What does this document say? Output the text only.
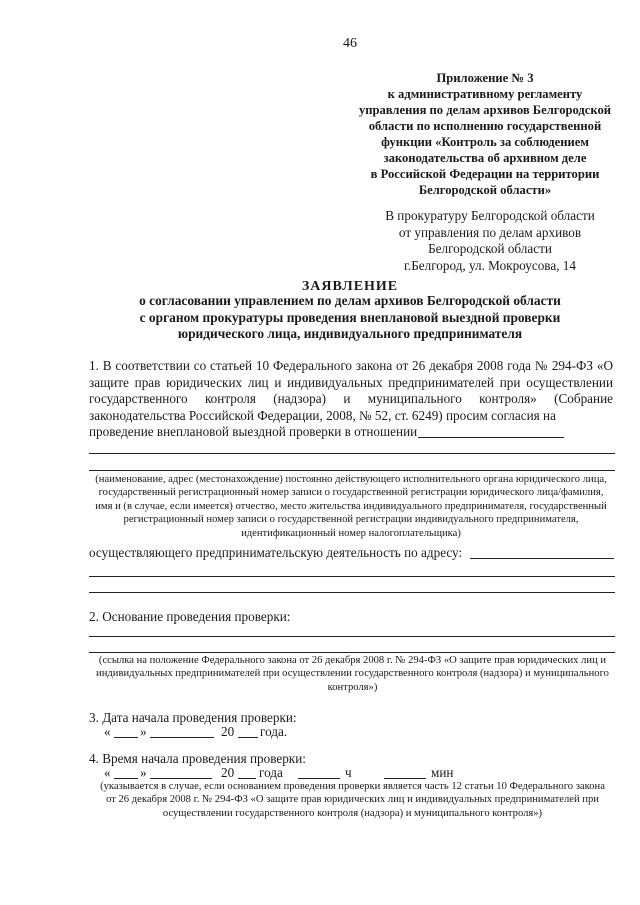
46
Приложение № 3
к административному регламенту
управления по делам архивов Белгородской
области по исполнению государственной
функции «Контроль за соблюдением
законодательства об архивном деле
в Российской Федерации на территории
Белгородской области»
В прокуратуру Белгородской области
от управления по делам архивов
Белгородской области
г.Белгород, ул. Мокроусова, 14
ЗАЯВЛЕНИЕ
о согласовании управлением по делам архивов Белгородской области
с органом прокуратуры проведения внеплановой выездной проверки
юридического лица, индивидуального предпринимателя
1. В соответствии со статьей 10 Федерального закона от 26 декабря 2008 года № 294-ФЗ «О защите прав юридических лиц и индивидуальных предпринимателей при осуществлении государственного контроля (надзора) и муниципального контроля» (Собрание законодательства Российской Федерации, 2008, № 52, ст. 6249) просим согласия на
проведение внеплановой выездной проверки в отношении
(наименование, адрес (местонахождение) постоянно действующего исполнительного органа юридического лица, государственный регистрационный номер записи о государственной регистрации юридического лица/фамилия, имя и (в случае, если имеется) отчество, место жительства индивидуального предпринимателя, государственный регистрационный номер записи о государственной регистрации индивидуального предпринимателя, идентификационный номер налогоплательщика)
осуществляющего предпринимательскую деятельность по адресу:
2. Основание проведения проверки:
(ссылка на положение Федерального закона от 26 декабря 2008 г. № 294-ФЗ «О защите прав юридических лиц и индивидуальных предпринимателей при осуществлении государственного контроля (надзора) и муниципального контроля»)
3. Дата начала проведения проверки:
« »	20 года.
4. Время начала проведения проверки:
« »	20 года	ч	мин
(указывается в случае, если основанием проведения проверки является часть 12 статьи 10 Федерального закона от 26 декабря 2008 г. № 294-ФЗ «О защите прав юридических лиц и индивидуальных предпринимателей при осуществлении государственного контроля (надзора) и муниципального контроля»)
